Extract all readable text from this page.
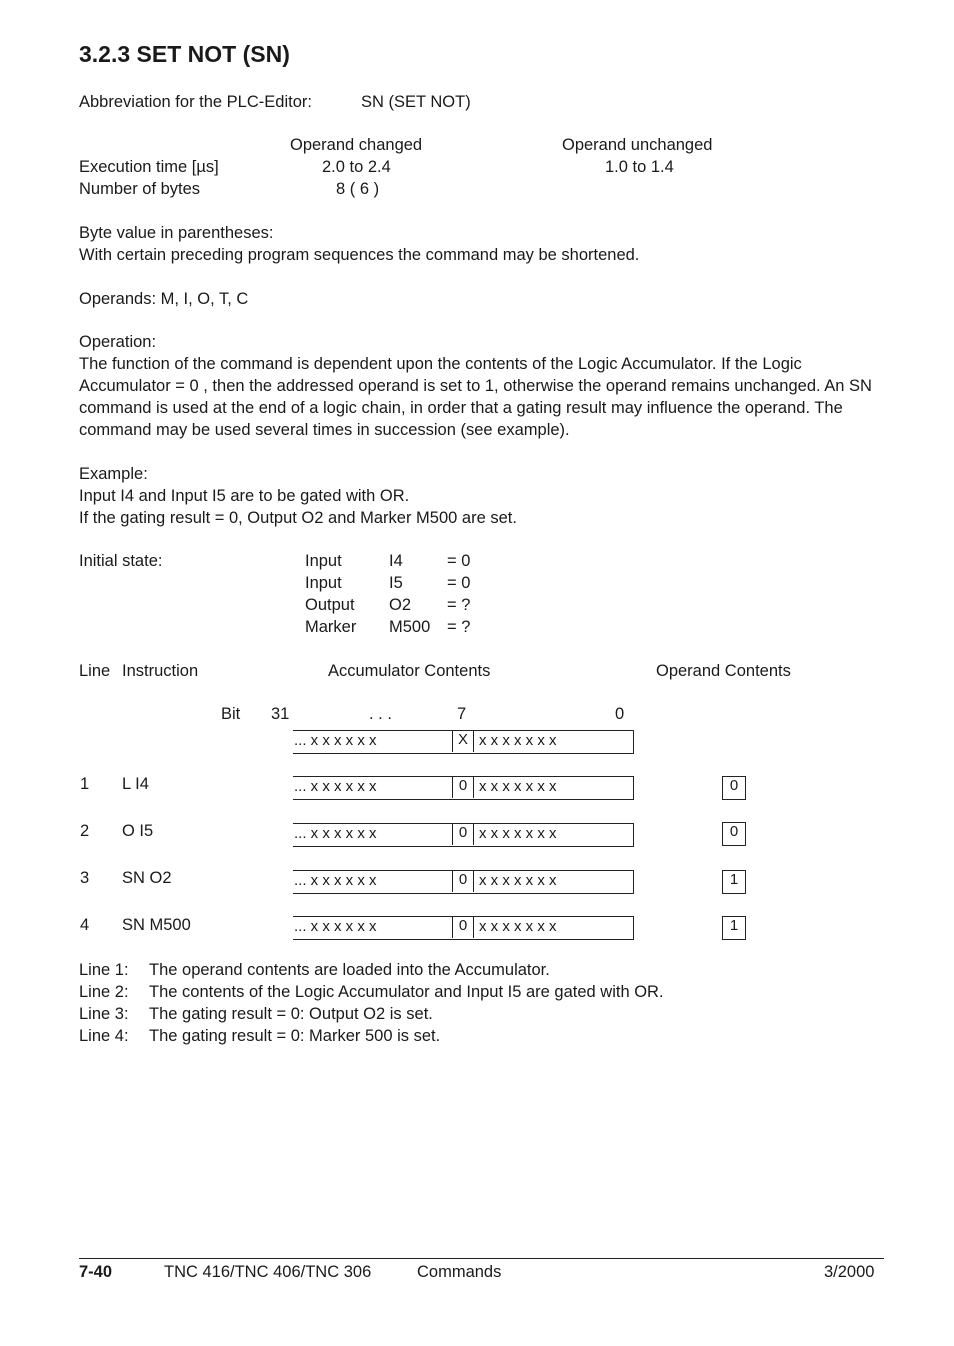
3.2.3 SET NOT (SN)
Abbreviation for the PLC-Editor:	SN (SET NOT)
Operand changed	Operand unchanged
Execution time [µs]	2.0 to 2.4	1.0 to 1.4
Number of bytes	8 ( 6 )
Byte value in parentheses:
With certain preceding program sequences the command may be shortened.
Operands: M, I, O, T, C
Operation:

The function of the command is dependent upon the contents of the Logic Accumulator. If the Logic Accumulator = 0 , then the addressed operand is set to 1, otherwise the operand remains unchanged. An SN command is used at the end of a logic chain, in order that a gating result may influence the operand. The command may be used several times in succession (see example).

Example:
Input I4 and Input I5 are to be gated with OR.
If the gating result = 0, Output O2 and Marker M500 are set.
Initial state:	Input	I4	= 0
Input	I5	= 0
Output O2 = ?
Marker M500 = ?
Line Instruction	Accumulator Contents	Operand Contents
Bit 31	. . .	7	0
... x x x x x x	X x x x x x x x
1 L I4	... x x x x x x	0 x x x x x x x	0
2 O I5	... x x x x x x	0 x x x x x x x	0
3 SN O2	... x x x x x x	0 x x x x x x x	1
4 SN M500	... x x x x x x	0 x x x x x x x	1
Line 1: The operand contents are loaded into the Accumulator.
Line 2: The contents of the Logic Accumulator and Input I5 are gated with OR.
Line 3: The gating result = 0: Output O2 is set.
Line 4: The gating result = 0: Marker 500 is set.
7-40	TNC 416/TNC 406/TNC 306	Commands	3/2000
